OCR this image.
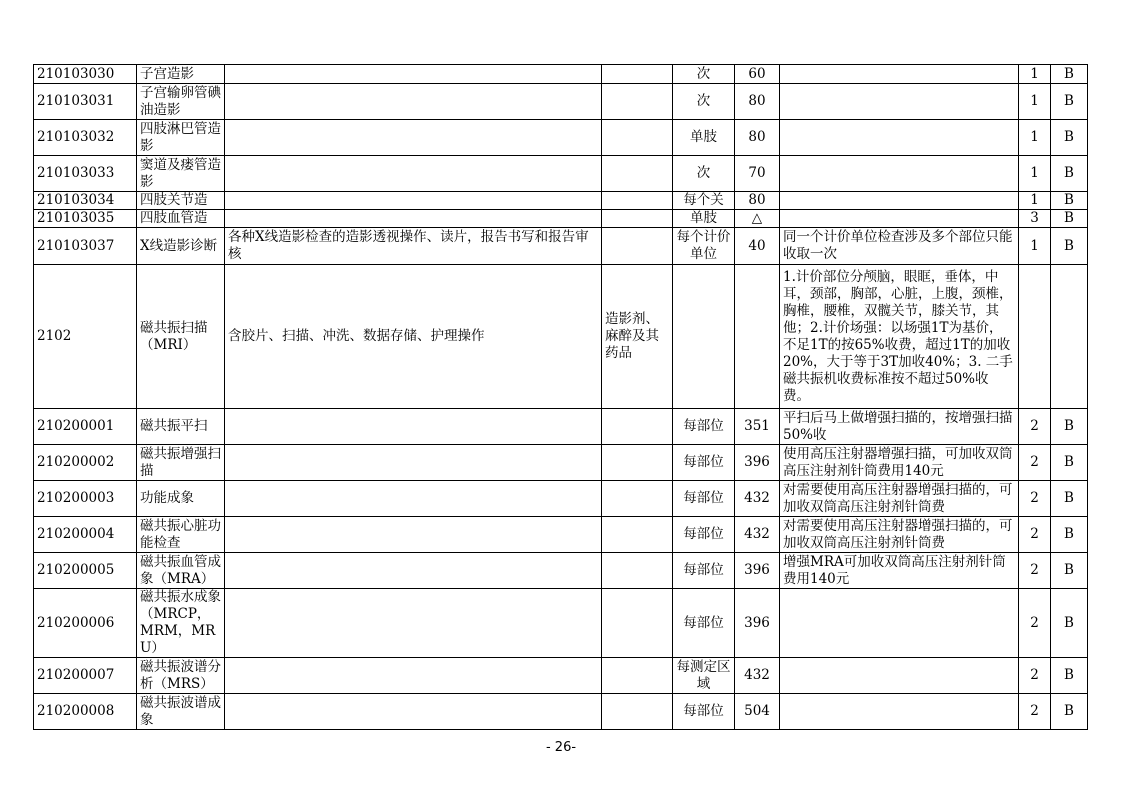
210103030	子宫造影			次	60		1	B
210103031	子宫输卵管碘油造影			次	80		1	B
210103032	四肢淋巴管造影			单肢	80		1	B
210103033	窦道及瘘管造影			次	70		1	B
210103034	四肢关节造			每个关	80		1	B
210103035	四肢血管造			单肢	△		3	B
210103037	X线造影诊断	各种X线造影检查的造影透视操作、读片，报告书写和报告审核		每个计价单位	40	同一个计价单位检查涉及多个部位只能收取一次	1	B
2102	磁共振扫描（MRI）	含胶片、扫描、冲洗、数据存储、护理操作	造影剂、麻醉及其药品			1.计价部位分颅脑，眼眶，垂体，中耳，颈部，胸部，心脏，上腹，颈椎，胸椎，腰椎，双髋关节，膝关节，其他；2.计价场强：以场强1T为基价，不足1T的按65%收费，超过1T的加收20%，大于等于3T加收40%；3. 二手磁共振机收费标准按不超过50%收费。		
210200001	磁共振平扫			每部位	351	平扫后马上做增强扫描的，按增强扫描50%收	2	B
210200002	磁共振增强扫描			每部位	396	使用高压注射器增强扫描，可加收双筒高压注射剂针筒费用140元	2	B
210200003	功能成象			每部位	432	对需要使用高压注射器增强扫描的，可加收双筒高压注射剂针筒费	2	B
210200004	磁共振心脏功能检查			每部位	432	对需要使用高压注射器增强扫描的，可加收双筒高压注射剂针筒费	2	B
210200005	磁共振血管成象（MRA）			每部位	396	增强MRA可加收双筒高压注射剂针筒费用140元	2	B
210200006	磁共振水成象（MRCP，MRM，MRU）			每部位	396		2	B
210200007	磁共振波谱分析（MRS）			每测定区域	432		2	B
210200008	磁共振波谱成象			每部位	504		2	B
- 26-
